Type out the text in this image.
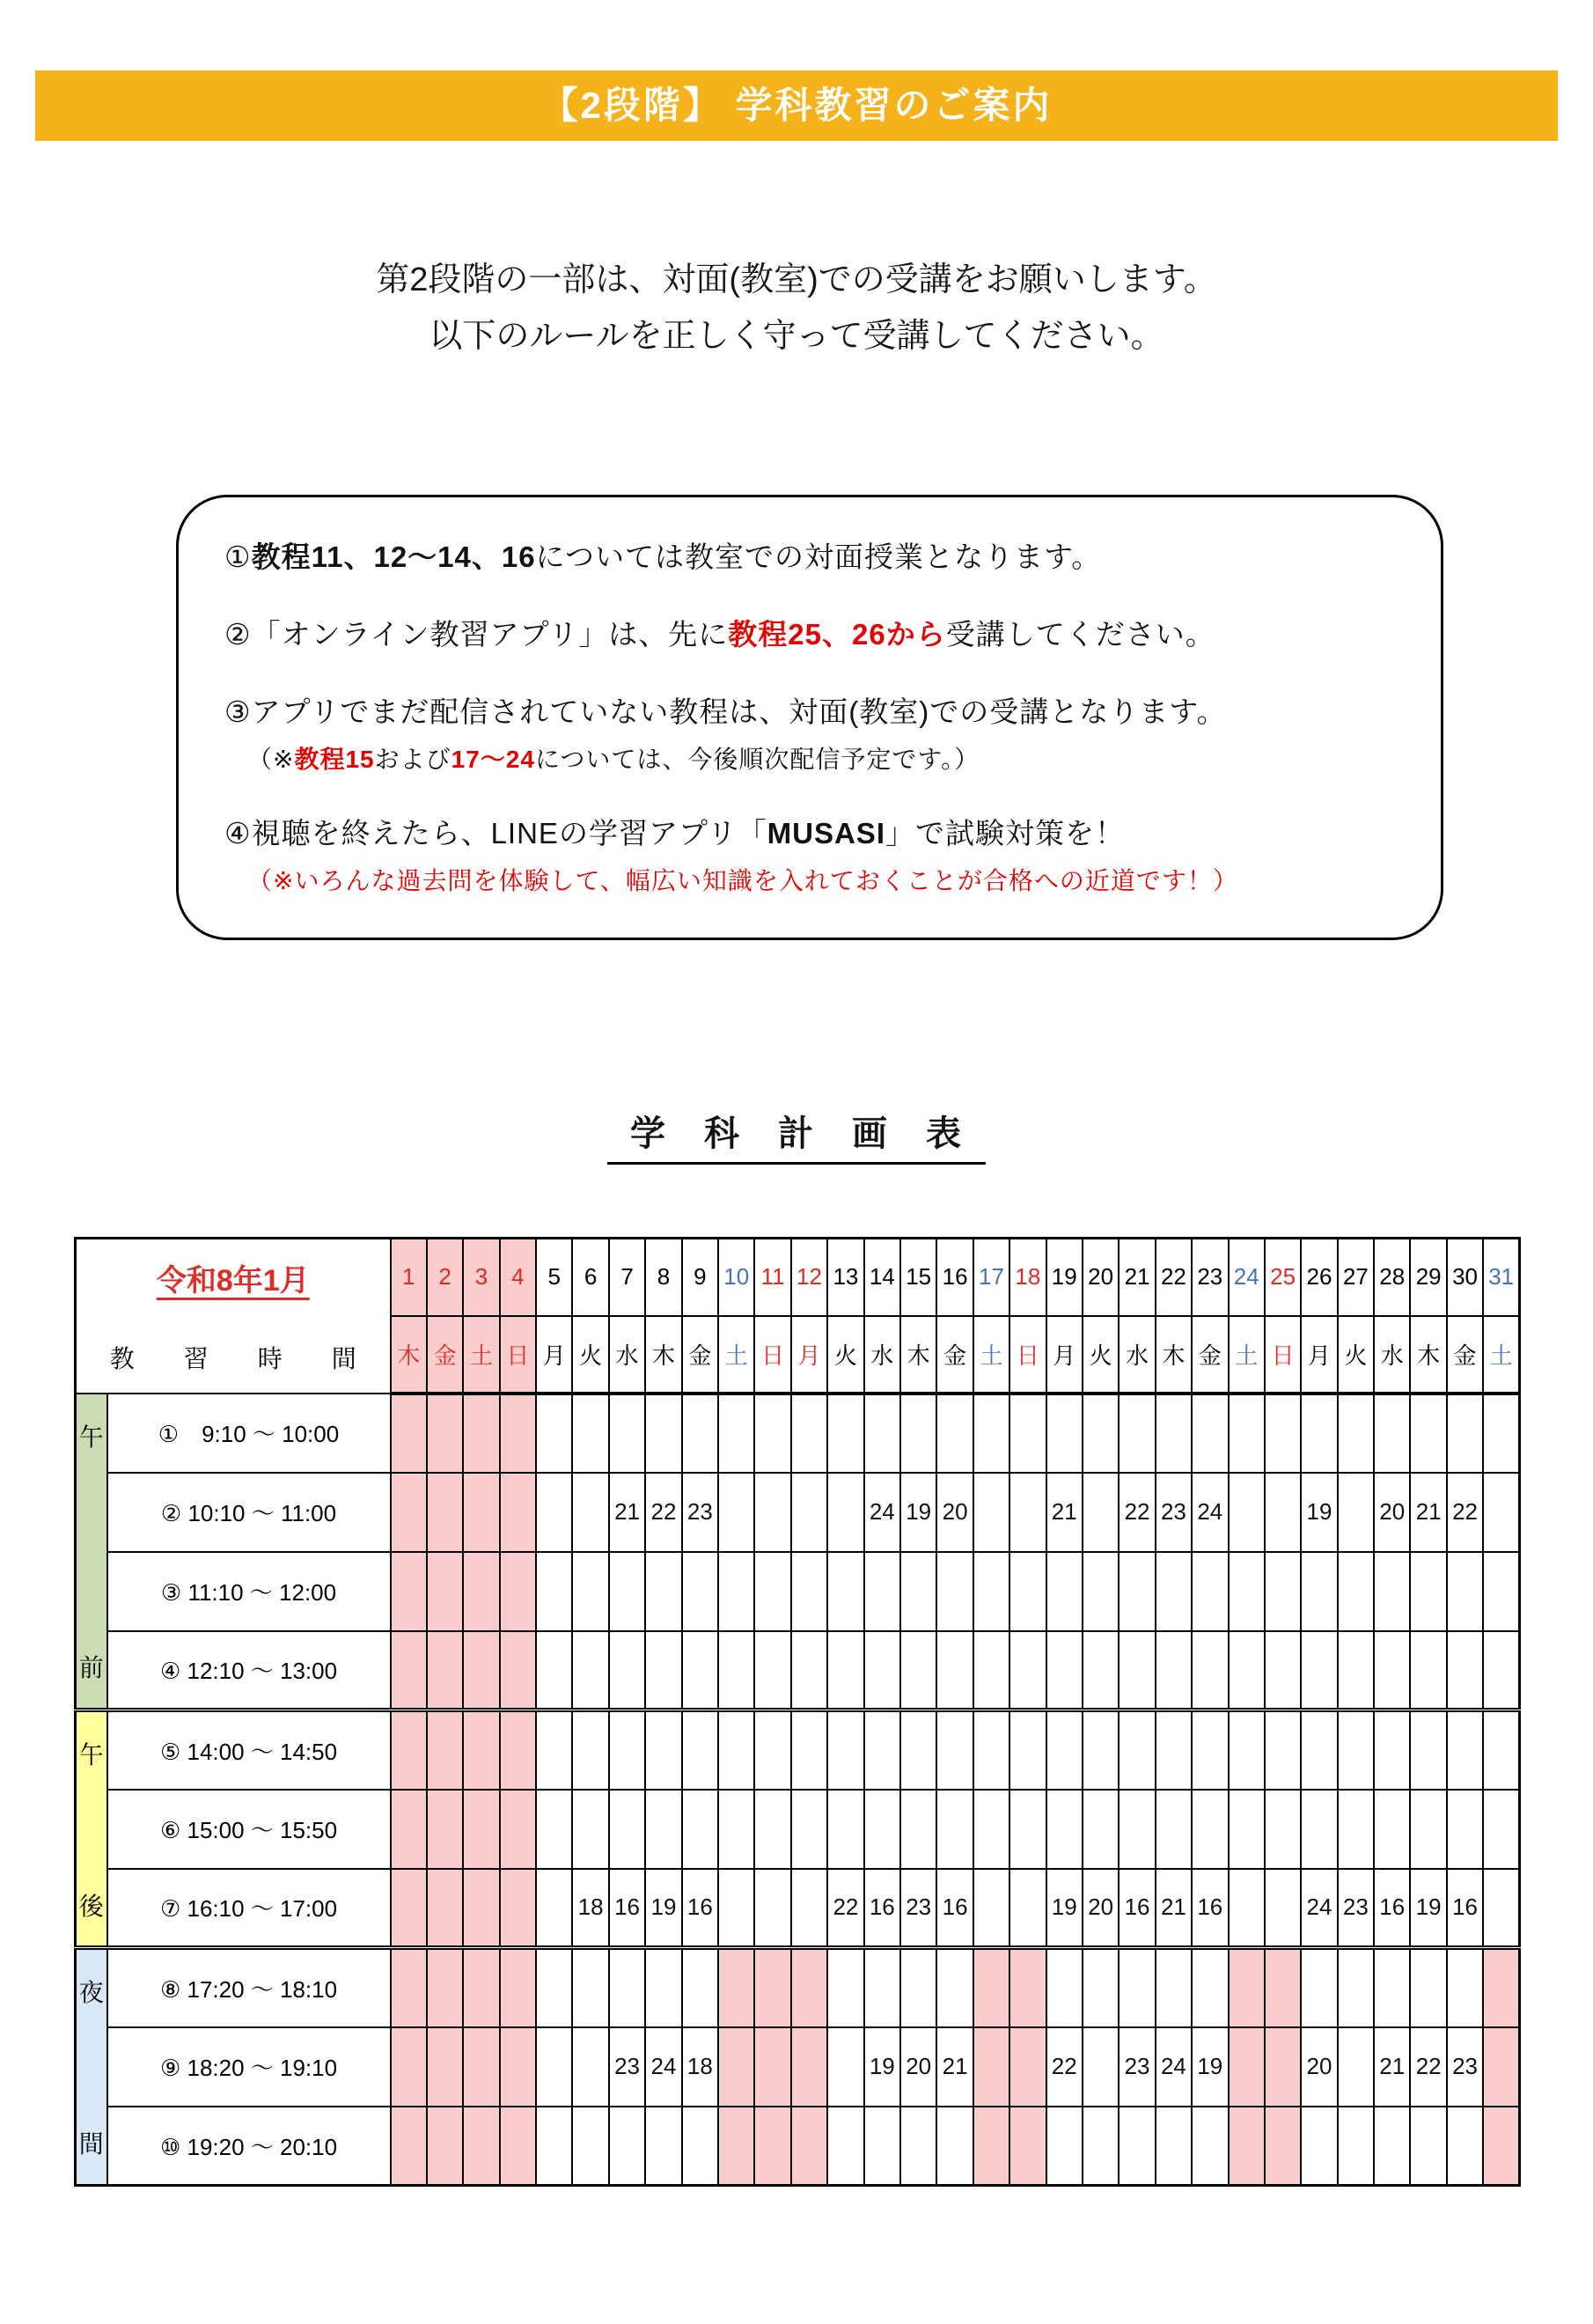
【2段階】 学科教習のご案内
第2段階の一部は、対面(教室)での受講をお願いします。
以下のルールを正しく守って受講してください。

①教程11、12～14、16については教室での対面授業となります。

②「オンライン教習アプリ」は、先に教程25、26から受講してください。

③アプリでまだ配信されていない教程は、対面(教室)での受講となります。

（※教程15および17～24については、今後順次配信予定です。）

④視聴を終えたら、LINEの学習アプリ「MUSASI」で試験対策を！

（※いろんな過去問を体験して、幅広い知識を入れておくことが合格への近道です！）

学　科　計　画　表
令和8年1月
教　習　時　間		1	2	3	4	5	6	7	8	9	10	11	12	13	14	15	16	17	18	19	20	21	22	23	24	25	26	27	28	29	30	31
		木	金	土	日	月	火	水	木	金	土	日	月	火	水	木	金	土	日	月	火	水	木	金	土	日	月	火	水	木	金	土

午
前	①　9:10 ～ 10:00																															
	② 10:10 ～ 11:00							21	22	23					24	19	20			21		22	23	24			19		20	21	22	
	③ 11:10 ～ 12:00																															
	④ 12:10 ～ 13:00																															

午
後	⑤ 14:00 ～ 14:50																															
	⑥ 15:00 ～ 15:50																															
	⑦ 16:10 ～ 17:00						18	16	19	16				22	16	23	16			19	20	16	21	16			24	23	16	19	16	

夜
間	⑧ 17:20 ～ 18:10																															
	⑨ 18:20 ～ 19:10							23	24	18					19	20	21			22		23	24	19			20		21	22	23	
	⑩ 19:20 ～ 20:10																															
